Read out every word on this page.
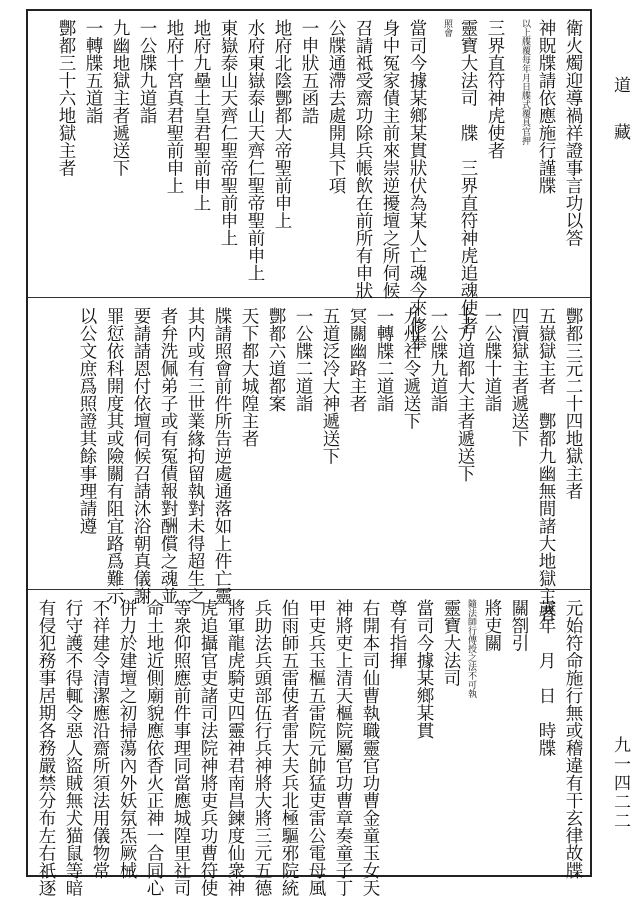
衛火燭迎導禍祥證事言功以答
神貺牒請依應施行謹牒
以上牒覆每年月日牒式覆具官押
三界直符神虎使者
靈寶大法司　牒　三界直符神虎追魂使者
照會
當司今據某鄉某貫狀伏為某人亡魂今來修奉
身中冤家債主前來崇逆擾壇之所伺候
召請祗受齋功除兵帳飲在前所有申狀
公牒通滯去處開具下項
一申狀五函誥
地府北陰酆都大帝聖前申上
水府東嶽泰山天齊仁聖帝聖前申上
東嶽泰山天齊仁聖帝聖前申上
地府九壘土皇君聖前申上
地府十宮真君聖前申上
一公牒九道詣
九幽地獄主者遞送下
一轉牒五道詣
酆都三十六地獄主者
酆都三元二十四地獄主者
五嶽獄主者　酆都九幽無間諸大地獄主者
四瀆獄主者遞送下
一公牒十道詣
十方道都大主者遞送下
一公牒九道詣
九州社令遞送下
一轉牒二道詣
冥關幽路主者
五道泛冷大神遞送下
一公牒二道詣
酆都六道都案
天下都大城隍主者
牒請照會前件所告逆處通落如上件亡靈
其内或有三世業緣拘留執對未得超生之
者弁洗佩弟子或有冤債報對酬償之魂並
要請請恩付依壇伺候召請沐浴朝真儀謝
罪愆依科開度其或險關有阻宜路爲難示
以公文庶爲照證其餘事理請遵
元始符命施行無或稽違有干玄律故牒
歲年　月　日　時牒
關劄引
將吏關
隨法師行傳授之法不可執
靈寶大法司
當司今據某鄉某貫
尊有指揮
右開本司仙曹執職靈官功曹金童玉女天
神將吏上清天樞院屬官功曹章奏童子丁
甲吏兵玉樞五雷院元帥猛吏雷公電母風
伯雨師五雷使者雷大夫兵北極驅邪院統
兵助法兵頭部伍行兵神將大將三元五德
將軍龍虎騎吏四靈神君南昌鍊度仙衆神
虎追攝官吏諸司法院神將吏兵功曹符使
等衆仰照應前件事理同當應城隍里社司
命土地近側廟貌應依香火正神一合同心
併力於建壇之初掃蕩內外妖氛炁厥械
不祥建令清潔應沿齋所須法用儀物常
行守護不得輒令惡人盜賊無犬猫鼠等暗
有侵犯務事居期各務嚴禁分布左右祇逐
道藏
九一四二二
